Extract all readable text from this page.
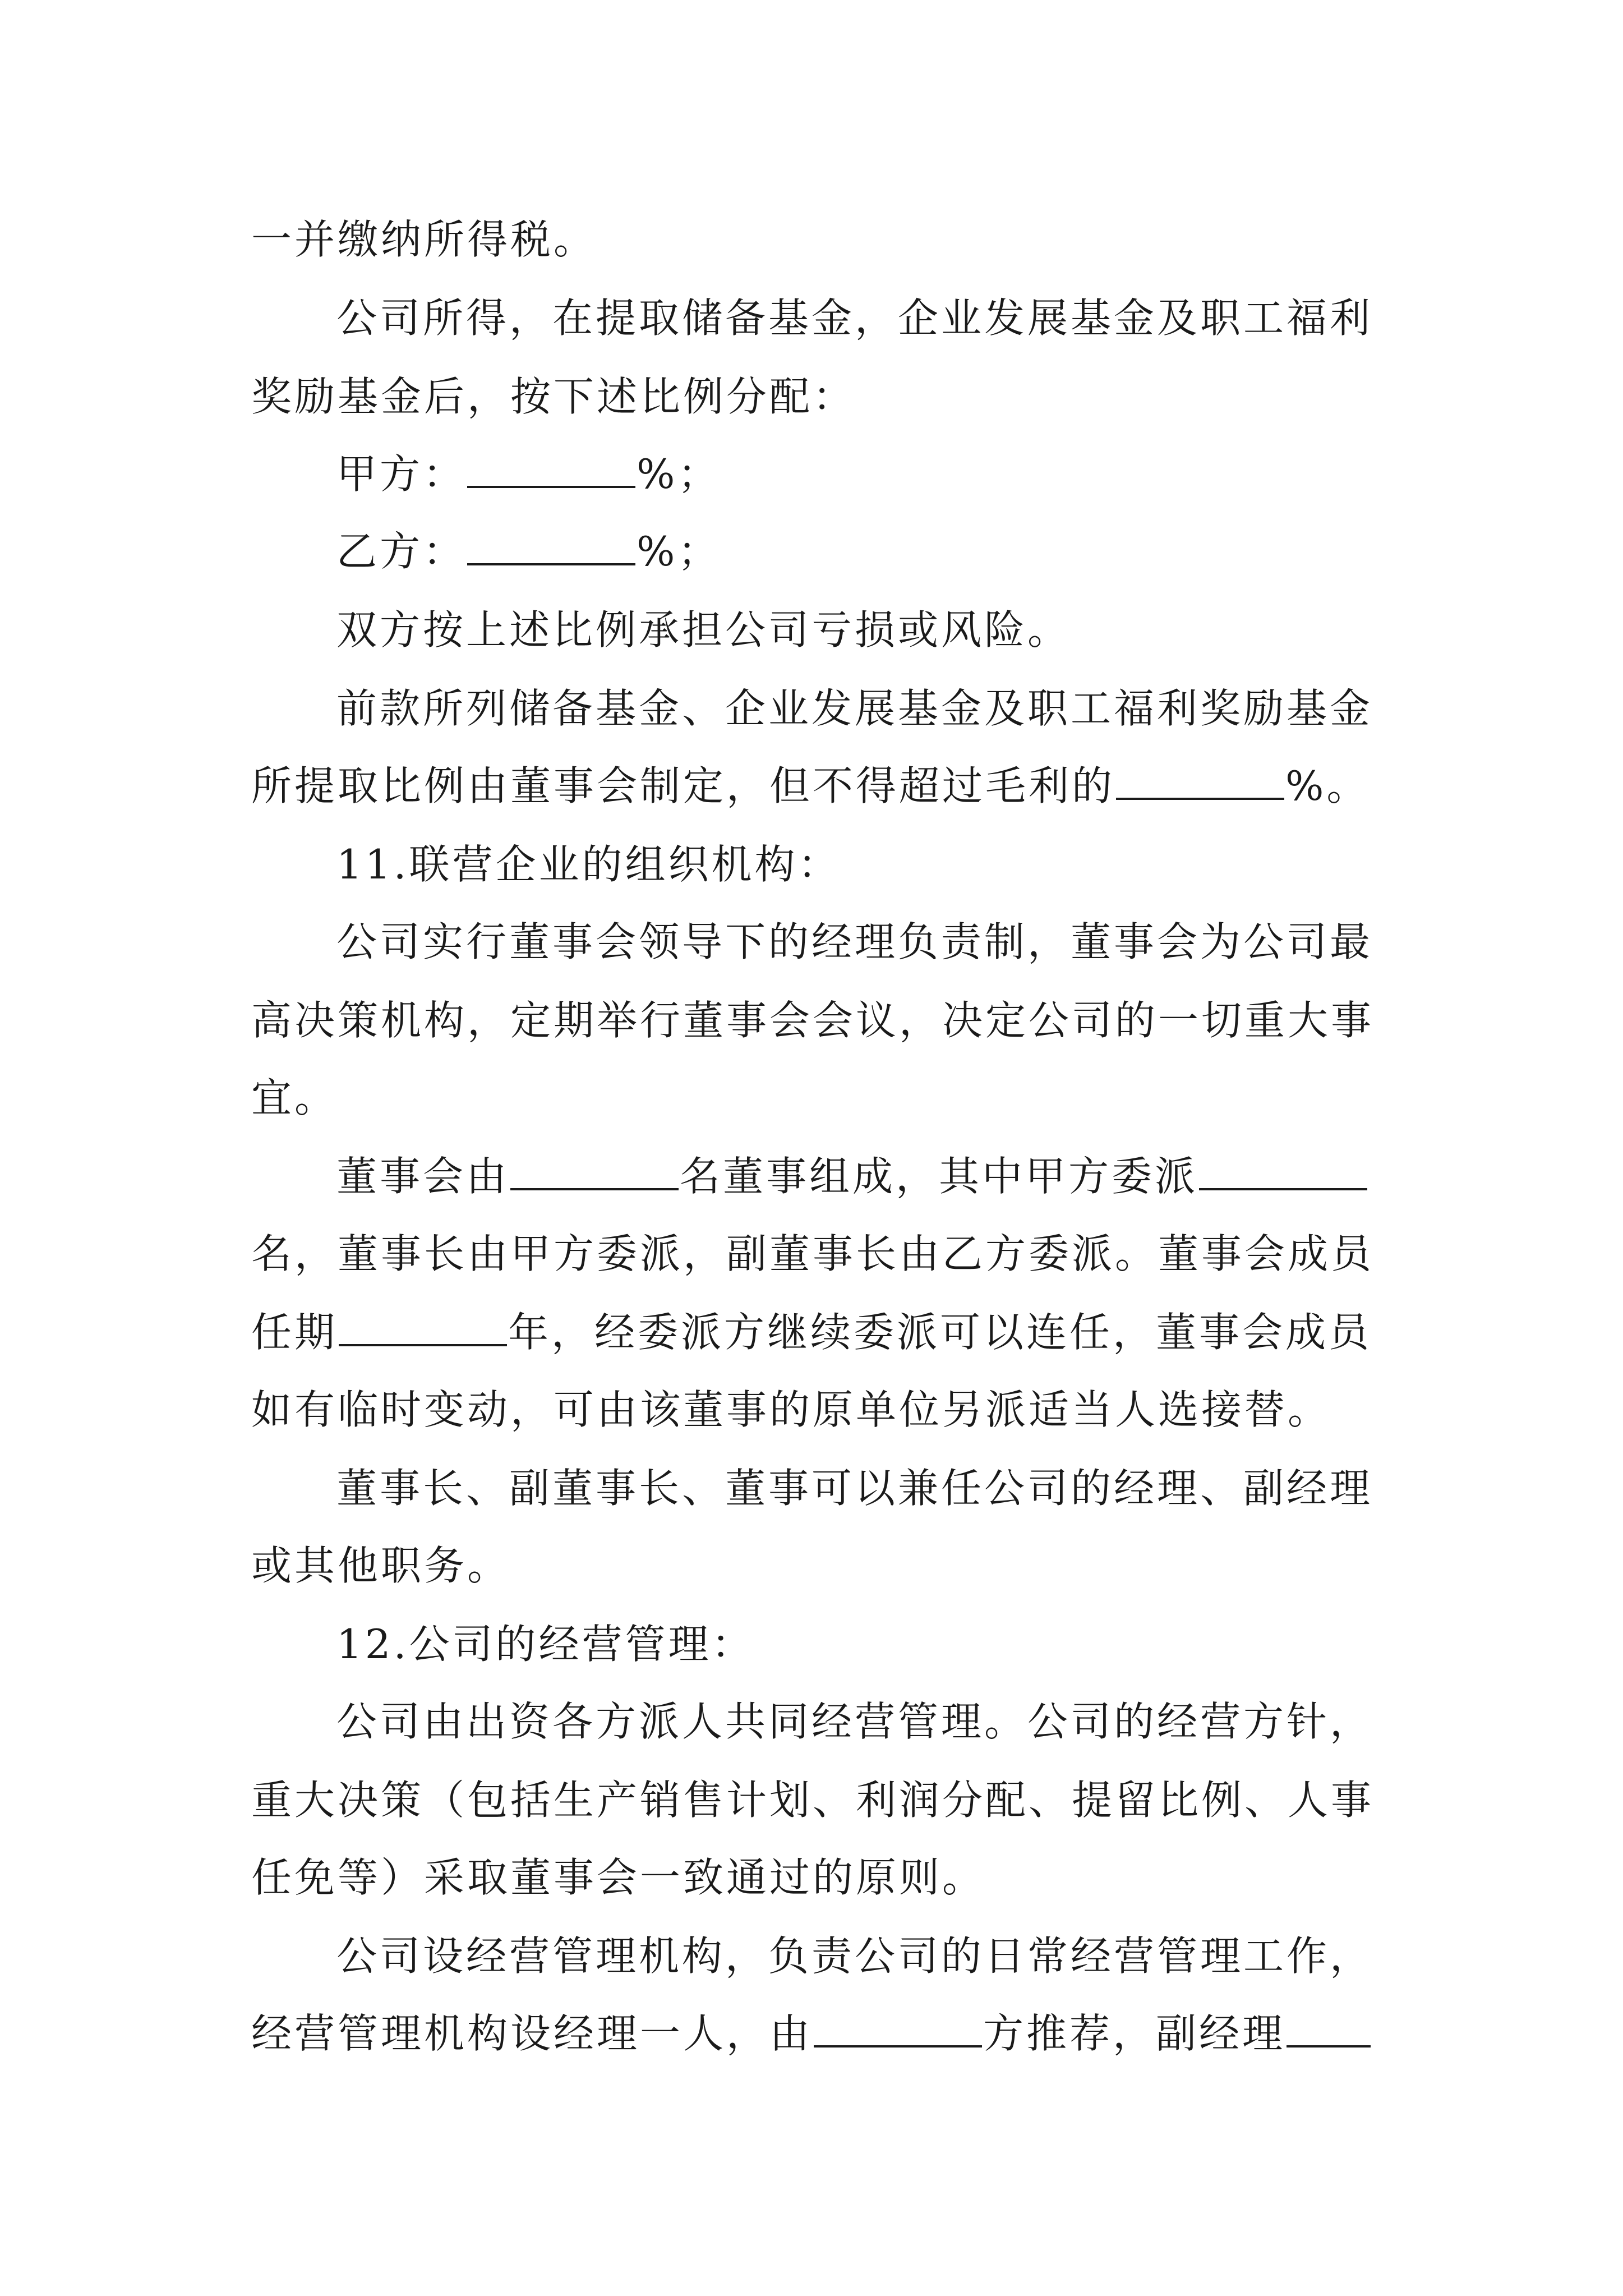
一并缴纳所得税。
公司所得，在提取储备基金，企业发展基金及职工福利
奖励基金后，按下述比例分配：
甲方：	%；
乙方：	%；
双方按上述比例承担公司亏损或风险。
前款所列储备基金、企业发展基金及职工福利奖励基金
所提取比例由董事会制定，但不得超过毛利的	%。
11.联营企业的组织机构：
公司实行董事会领导下的经理负责制，董事会为公司最
高决策机构，定期举行董事会会议，决定公司的一切重大事
宜。
董事会由	名董事组成，其中甲方委派
名，董事长由甲方委派，副董事长由乙方委派。董事会成员
任期	年，经委派方继续委派可以连任，董事会成员
如有临时变动，可由该董事的原单位另派适当人选接替。
董事长、副董事长、董事可以兼任公司的经理、副经理
或其他职务。
12.公司的经营管理：
公司由出资各方派人共同经营管理。公司的经营方针，
重大决策（包括生产销售计划、利润分配、提留比例、人事
任免等）采取董事会一致通过的原则。
公司设经营管理机构，负责公司的日常经营管理工作，
经营管理机构设经理一人，由	方推荐，副经理
